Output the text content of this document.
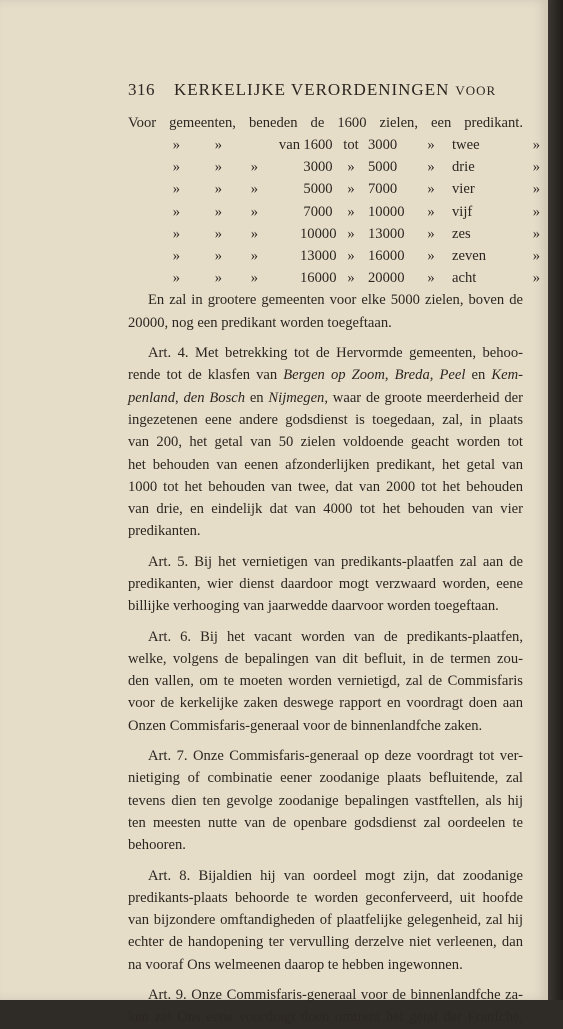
316	KERKELIJKE VERORDENINGEN VOOR
Voor gemeenten, beneden de 1600 zielen, een predikant.
»	»	van 1600 tot 3000	»	twee	»
»	»	»	3000	» 5000	»	drie	»
»	»	»	5000	» 7000	»	vier	»
»	»	»	7000	» 10000	»	vijf	»
»	»	»	10000 » 13000	»	zes	»
»	»	»	13000 » 16000	»	zeven	»
»	»	»	16000 » 20000	»	acht	»
En zal in grootere gemeenten voor elke 5000 zielen, boven de
20000, nog een predikant worden toegeftaan.
Art. 4. Met betrekking tot de Hervormde gemeenten, behoo-
rende tot de klasfen van Bergen op Zoom, Breda, Peel en Kem-
penland, den Bosch en Nijmegen, waar de groote meerderheid der
ingezetenen eene andere godsdienst is toegedaan, zal, in plaats
van 200, het getal van 50 zielen voldoende geacht worden tot
het behouden van eenen afzonderlijken predikant, het getal van
1000 tot het behouden van twee, dat van 2000 tot het behouden
van drie, en eindelijk dat van 4000 tot het behouden van vier
predikanten.
Art. 5. Bij het vernietigen van predikants-plaatfen zal aan de
predikanten, wier dienst daardoor mogt verzwaard worden, eene
billijke verhooging van jaarwedde daarvoor worden toegeftaan.
Art. 6. Bij het vacant worden van de predikants-plaatfen,
welke, volgens de bepalingen van dit befluit, in de termen zou-
den vallen, om te moeten worden vernietigd, zal de Commisfaris
voor de kerkelijke zaken deswege rapport en voordragt doen aan
Onzen Commisfaris-generaal voor de binnenlandfche zaken.
Art. 7. Onze Commisfaris-generaal op deze voordragt tot ver-
nietiging of combinatie eener zoodanige plaats befluitende, zal
tevens dien ten gevolge zoodanige bepalingen vastftellen, als hij
ten meesten nutte van de openbare godsdienst zal oordeelen te
behooren.
Art. 8. Bijaldien hij van oordeel mogt zijn, dat zoodanige
predikants-plaats behoorde te worden geconferveerd, uit hoofde
van bijzondere omftandigheden of plaatfelijke gelegenheid, zal hij
echter de handopening ter vervulling derzelve niet verleenen, dan
na vooraf Ons welmeenen daarop te hebben ingewonnen.
Art. 9. Onze Commisfaris-generaal voor de binnenlandfche za-
ken zal Ons eene voordragt doen omtrent het getal der Franfche,
